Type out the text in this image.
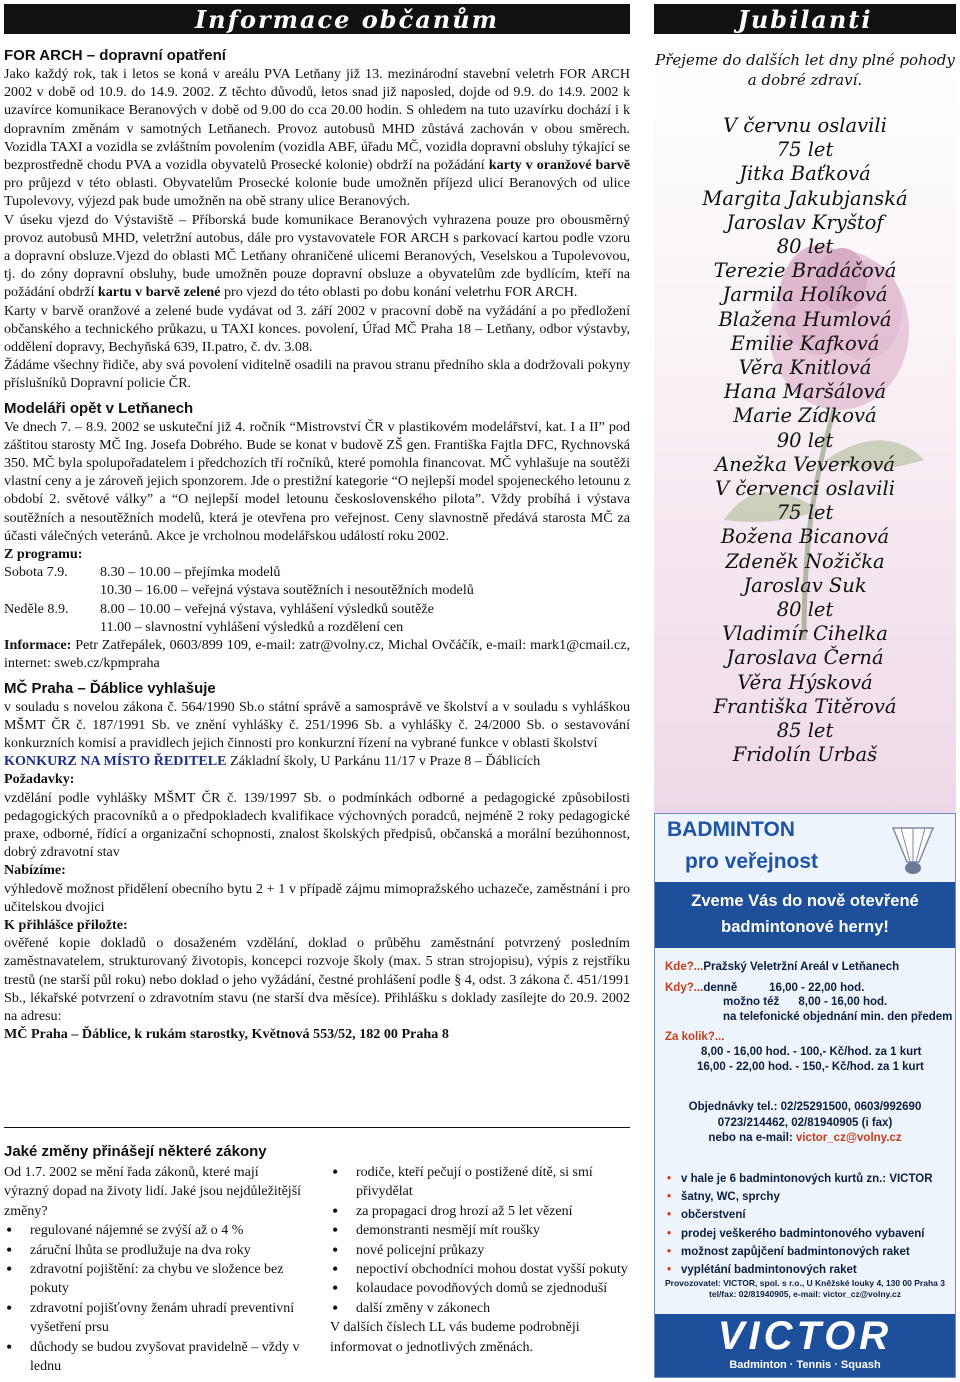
Informace občanům	Jubilanti
FOR ARCH – dopravní opatření

Jako každý rok, tak i letos se koná v areálu PVA Letňany již 13. mezinárodní stavební veletrh FOR ARCH 2002 v době od 10.9. do 14.9. 2002. Z těchto důvodů, letos snad již naposled, dojde od 9.9. do 14.9. 2002 k uzavírce komunikace Beranových v době od 9.00 do cca 20.00 hodin. S ohledem na tuto uzavírku dochází i k dopravním změnám v samotných Letňanech. Provoz autobusů MHD zůstává zachován v obou směrech. Vozidla TAXI a vozidla se zvláštním povolením (vozidla ABF, úřadu MČ, vozidla dopravní obsluhy týkající se bezprostředně chodu PVA a vozidla obyvatelů Prosecké kolonie) obdrží na požádání karty v oranžové barvě pro průjezd v této oblasti. Obyvatelům Prosecké kolonie bude umožněn příjezd ulicí Beranových od ulice Tupolevovy, výjezd pak bude umožněn na obě strany ulice Beranových.

V úseku vjezd do Výstaviště – Příborská bude komunikace Beranových vyhrazena pouze pro obousměrný provoz autobusů MHD, veletržní autobus, dále pro vystavovatele FOR ARCH s parkovací kartou podle vzoru a dopravní obsluze.Vjezd do oblasti MČ Letňany ohraničené ulicemi Beranových, Veselskou a Tupolevovou, tj. do zóny dopravní obsluhy, bude umožněn pouze dopravní obsluze a obyvatelům zde bydlícím, kteří na požádání obdrží kartu v barvě zelené pro vjezd do této oblasti po dobu konání veletrhu FOR ARCH.

Karty v barvě oranžové a zelené bude vydávat od 3. září 2002 v pracovní době na vyžádání a po předložení občanského a technického průkazu, u TAXI konces. povolení, Úřad MČ Praha 18 – Letňany, odbor výstavby, oddělení dopravy, Bechyňská 639, II.patro, č. dv. 3.08.

Žádáme všechny řidiče, aby svá povolení viditelně osadili na pravou stranu předního skla a dodržovali pokyny příslušníků Dopravní policie ČR.

Modeláři opět v Letňanech

Ve dnech 7. – 8.9. 2002 se uskuteční již 4. ročník “Mistrovství ČR v plastikovém modelářství, kat. I a II” pod záštitou starosty MČ Ing. Josefa Dobrého. Bude se konat v budově ZŠ gen. Františka Fajtla DFC, Rychnovská 350. MČ byla spolupořadatelem i předchozích tří ročníků, které pomohla financovat. MČ vyhlašuje na soutěži vlastní ceny a je zároveň jejich sponzorem. Jde o prestižní kategorie “O nejlepší model spojeneckého letounu z období 2. světové války” a “O nejlepší model letounu československého pilota”. Vždy probíhá i výstava soutěžních a nesoutěžních modelů, která je otevřena pro veřejnost. Ceny slavnostně předává starosta MČ za účasti válečných veteránů. Akce je vrcholnou modelářskou událostí roku 2002.

Z programu:

Sobota 7.9.	8.30 – 10.00 – přejímka modelů
10.30 – 16.00 – veřejná výstava soutěžních i nesoutěžních modelů
Neděle 8.9.	8.00 – 10.00 – veřejná výstava, vyhlášení výsledků soutěže
11.00 – slavnostní vyhlášení výsledků a rozdělení cen

Informace: Petr Zatřepálek, 0603/899 109, e-mail: zatr@volny.cz, Michal Ovčáčík, e-mail: mark1@cmail.cz, internet: sweb.cz/kpmpraha

MČ Praha – Ďáblice vyhlašuje

v souladu s novelou zákona č. 564/1990 Sb.o státní správě a samosprávě ve školství a v souladu s vyhláškou MŠMT ČR č. 187/1991 Sb. ve znění vyhlášky č. 251/1996 Sb. a vyhlášky č. 24/2000 Sb. o sestavování konkurzních komisí a pravidlech jejich činnosti pro konkurzní řízení na vybrané funkce v oblasti školství

KONKURZ NA MÍSTO ŘEDITELE Základní školy, U Parkánu 11/17 v Praze 8 – Ďáblicích

Požadavky:

vzdělání podle vyhlášky MŠMT ČR č. 139/1997 Sb. o podmínkách odborné a pedagogické způsobilosti pedagogických pracovníků a o předpokladech kvalifikace výchovných poradců, nejméně 2 roky pedagogické praxe, odborné, řídící a organizační schopnosti, znalost školských předpisů, občanská a morální bezúhonnost, dobrý zdravotní stav

Nabízíme:

výhledově možnost přidělení obecního bytu 2 + 1 v případě zájmu mimopražského uchazeče, zaměstnání i pro učitelskou dvojici

K přihlášce přiložte:

ověřené kopie dokladů o dosaženém vzdělání, doklad o průběhu zaměstnání potvrzený posledním zaměstnavatelem, strukturovaný životopis, koncepci rozvoje školy (max. 5 stran strojopisu), výpis z rejstříku trestů (ne starší půl roku) nebo doklad o jeho vyžádání, čestné prohlášení podle § 4, odst. 3 zákona č. 451/1991 Sb., lékařské potvrzení o zdravotním stavu (ne starší dva měsíce). Přihlášku s doklady zasílejte do 20.9. 2002 na adresu:

MČ Praha – Ďáblice, k rukám starostky, Květnová 553/52, 182 00 Praha 8

Jaké změny přinášejí některé zákony

Od 1.7. 2002 se mění řada zákonů, které mají výrazný dopad na životy lidí. Jaké jsou nejdůležitější změny?

• regulované nájemné se zvýší až o 4 %
• záruční lhůta se prodlužuje na dva roky
• zdravotní pojištění: za chybu ve složence bez pokuty
• zdravotní pojišťovny ženám uhradí preventivní vyšetření prsu
• důchody se budou zvyšovat pravidelně – vždy v lednu
• rodiče, kteří pečují o postižené dítě, si smí přivydělat
• za propagaci drog hrozí až 5 let vězení
• demonstranti nesmějí mít roušky
• nové policejní průkazy
• nepoctiví obchodníci mohou dostat vyšší pokuty
• kolaudace povodňových domů se zjednoduší
• další změny v zákonech

V dalších číslech LL vás budeme podrobněji informovat o jednotlivých změnách.

Přejeme do dalších let dny plné pohody a dobré zdraví.
V červnu oslavili
75 let
Jitka Baťková
Margita Jakubjanská
Jaroslav Kryštof
80 let
Terezie Bradáčová
Jarmila Holíková
Blažena Humlová
Emilie Kafková
Věra Knitlová
Hana Maršálová
Marie Zídková
90 let
Anežka Veverková
V červenci oslavili
75 let
Božena Bicanová
Zdeněk Nožička
Jaroslav Suk
80 let
Vladimír Cihelka
Jaroslava Černá
Věra Hýsková
Františka Titěrová
85 let
Fridolín Urbaš
BADMINTON
pro veřejnost
Zveme Vás do nově otevřené
badmintonové herny!
Kde?...Pražský Veletržní Areál v Letňanech
Kdy?...denně          16,00 - 22,00 hod.
možno též      8,00 - 16,00 hod.
na telefonické objednání min. den předem
Za kolik?...
8,00 - 16,00 hod. - 100,- Kč/hod. za 1 kurt
16,00 - 22,00 hod. - 150,- Kč/hod. za 1 kurt
Objednávky tel.: 02/25291500, 0603/992690
0723/214462, 02/81940905 (i fax)
nebo na e-mail: victor_cz@volny.cz
• v hale je 6 badmintonových kurtů zn.: VICTOR
• šatny, WC, sprchy
• občerstvení
• prodej veškerého badmintonového vybavení
• možnost zapůjčení badmintonových raket
• vyplétání badmintonových raket
Provozovatel: VICTOR, spol. s r.o., U Kněžské louky 4, 130 00 Praha 3
tel/fax: 02/81940905, e-mail: victor_cz@volny.cz
VICTOR
Badminton · Tennis · Squash
